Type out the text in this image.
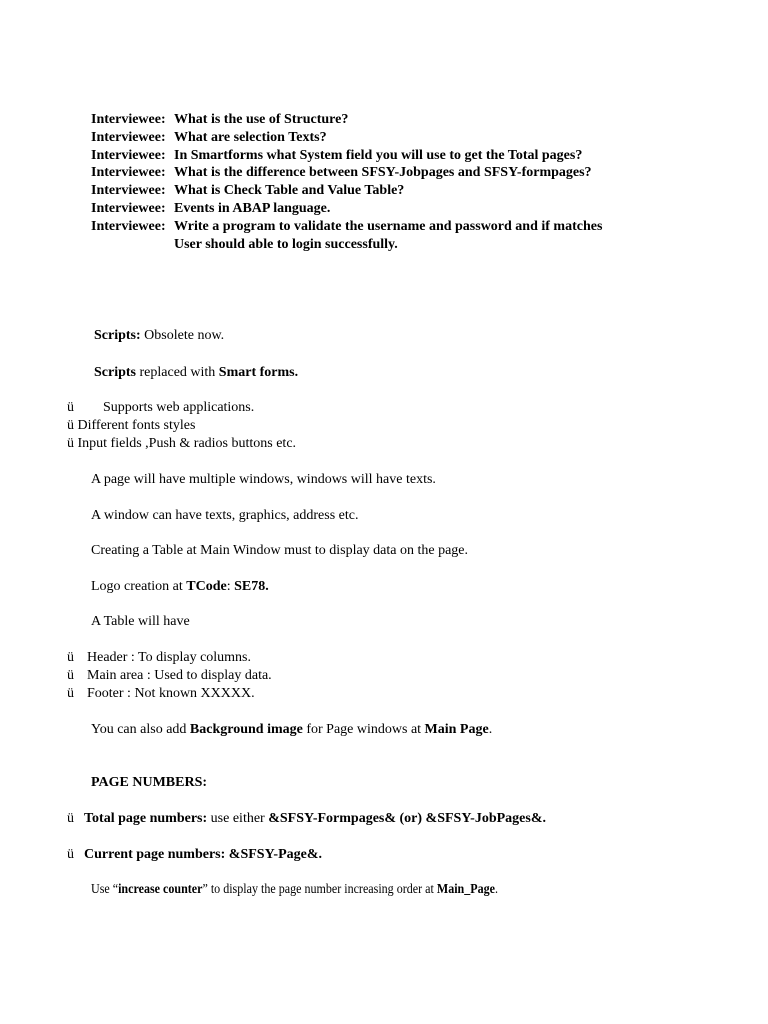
Interviewee: What is the use of Structure?
Interviewee: What are selection Texts?
Interviewee: In Smartforms what System field you will use to get the Total pages?
Interviewee: What is the difference between SFSY-Jobpages and SFSY-formpages?
Interviewee: What is Check Table and Value Table?
Interviewee: Events in ABAP language.
Interviewee: Write a program to validate the username and password and if matches
User should able to login successfully.
Scripts: Obsolete now.
Scripts replaced with Smart forms.
ü Supports web applications.
ü Different fonts styles
ü Input fields ,Push & radios buttons etc.
A page will have multiple windows, windows will have texts.
A window can have texts, graphics, address etc.
Creating a Table at Main Window must to display data on the page.
Logo creation at TCode: SE78.
A Table will have
ü Header : To display columns.
ü Main area : Used to display data.
ü Footer : Not known XXXXX.
You can also add Background image for Page windows at Main Page.
PAGE NUMBERS:
ü Total page numbers: use either &SFSY-Formpages& (or) &SFSY-JobPages&.
ü Current page numbers: &SFSY-Page&.
Use “increase counter” to display the page number increasing order at Main_Page.
